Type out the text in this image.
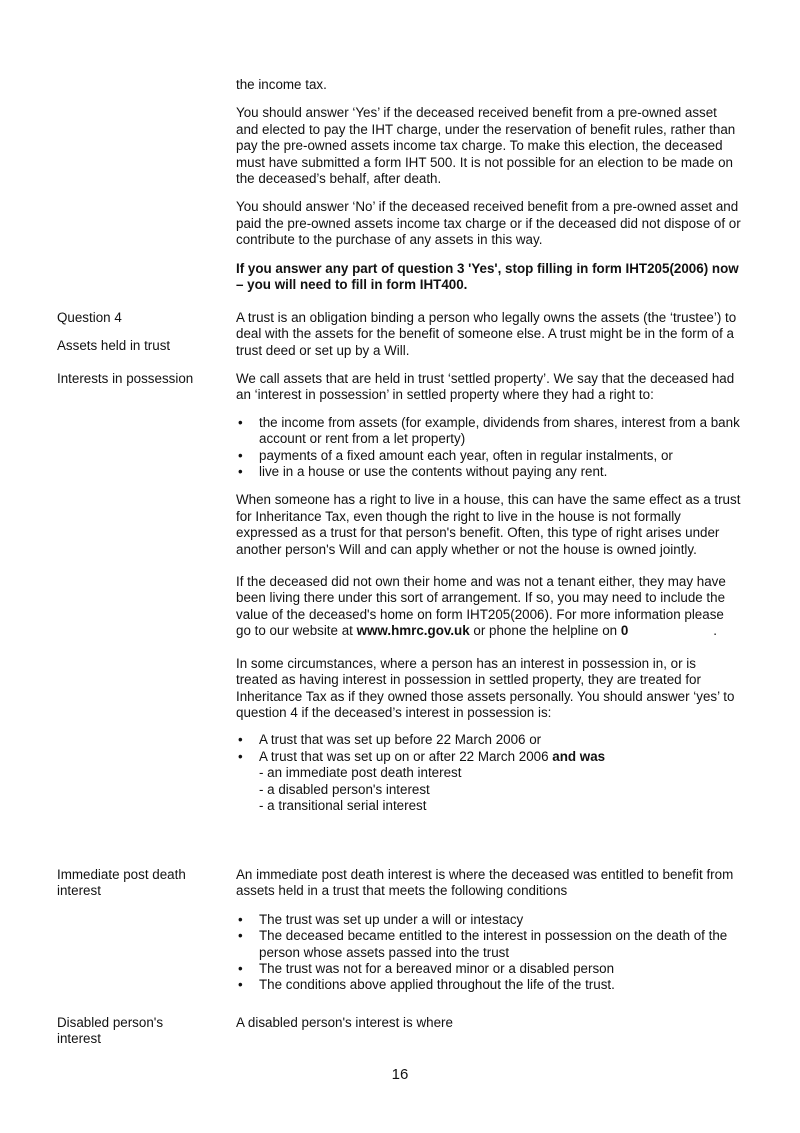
the income tax.

You should answer ‘Yes’ if the deceased received benefit from a pre-owned asset and elected to pay the IHT charge, under the reservation of benefit rules, rather than pay the pre-owned assets income tax charge. To make this election, the deceased must have submitted a form IHT 500. It is not possible for an election to be made on the deceased’s behalf, after death.

You should answer ‘No’ if the deceased received benefit from a pre-owned asset and paid the pre-owned assets income tax charge or if the deceased did not dispose of or contribute to the purchase of any assets in this way.

If you answer any part of question 3 'Yes', stop filling in form IHT205(2006) now – you will need to fill in form IHT400.

Question 4

Assets held in trust

A trust is an obligation binding a person who legally owns the assets (the ‘trustee’) to deal with the assets for the benefit of someone else. A trust might be in the form of a trust deed or set up by a Will.

Interests in possession	We call assets that are held in trust ‘settled property’. We say that the deceased had an ‘interest in possession’ in settled property where they had a right to:

• the income from assets (for example, dividends from shares, interest from a bank account or rent from a let property)
• payments of a fixed amount each year, often in regular instalments, or
• live in a house or use the contents without paying any rent.

When someone has a right to live in a house, this can have the same effect as a trust for Inheritance Tax, even though the right to live in the house is not formally expressed as a trust for that person's benefit. Often, this type of right arises under another person's Will and can apply whether or not the house is owned jointly.

If the deceased did not own their home and was not a tenant either, they may have been living there under this sort of arrangement. If so, you may need to include the value of the deceased's home on form IHT205(2006). For more information please go to our website at www.hmrc.gov.uk or phone the helpline on 0	.

In some circumstances, where a person has an interest in possession in, or is treated as having interest in possession in settled property, they are treated for Inheritance Tax as if they owned those assets personally. You should answer ‘yes’ to question 4 if the deceased’s interest in possession is:

• A trust that was set up before 22 March 2006 or
• A trust that was set up on or after 22 March 2006 and was

- an immediate post death interest

- a disabled person's interest

- a transitional serial interest

Immediate post death interest

An immediate post death interest is where the deceased was entitled to benefit from assets held in a trust that meets the following conditions

• The trust was set up under a will or intestacy
• The deceased became entitled to the interest in possession on the death of the person whose assets passed into the trust
• The trust was not for a bereaved minor or a disabled person
• The conditions above applied throughout the life of the trust.

Disabled person's interest

A disabled person's interest is where

16
